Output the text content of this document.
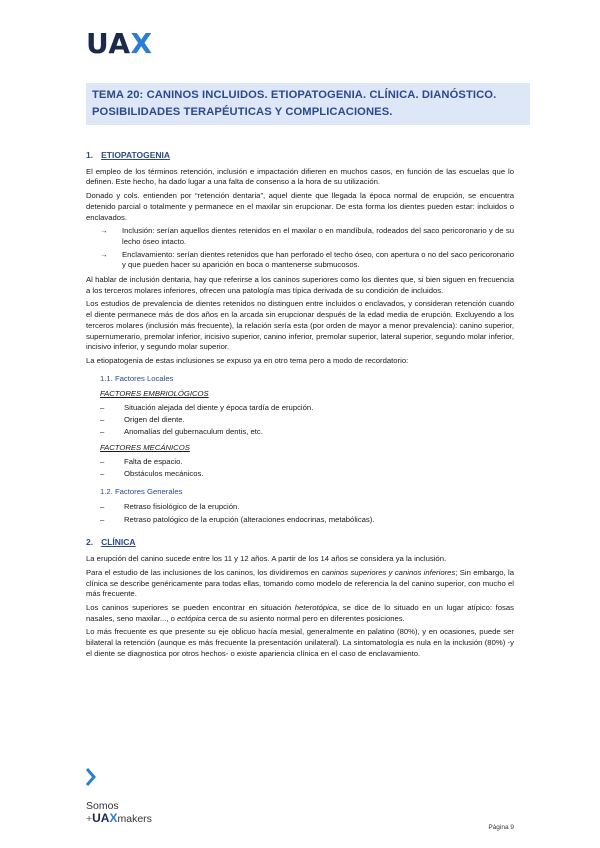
UAX
TEMA 20: CANINOS INCLUIDOS. ETIOPATOGENIA. CLÍNICA. DIANÓSTICO. POSIBILIDADES TERAPÉUTICAS Y COMPLICACIONES.
1. ETIOPATOGENIA

El empleo de los términos retención, inclusión e impactación difieren en muchos casos, en función de las escuelas que lo definen. Este hecho, ha dado lugar a una falta de consenso a la hora de su utilización.

Donado y cols. entienden por “retención dentaria”, aquel diente que llegada la época normal de erupción, se encuentra detenido parcial o totalmente y permanece en el maxilar sin erupcionar. De esta forma los dientes pueden estar: incluidos o enclavados.

→ Inclusión: serían aquellos dientes retenidos en el maxilar o en mandíbula, rodeados del saco pericoronario y de su lecho óseo intacto.
→ Enclavamiento: serían dientes retenidos que han perforado el techo óseo, con apertura o no del saco pericoronario y que pueden hacer su aparición en boca o mantenerse submucosos.

Al hablar de inclusión dentaria, hay que referirse a los caninos superiores como los dientes que, si bien siguen en frecuencia a los terceros molares inferiores, ofrecen una patología mas típica derivada de su condición de incluidos.

Los estudios de prevalencia de dientes retenidos no distinguen entre incluidos o enclavados, y consideran retención cuando el diente permanece más de dos años en la arcada sin erupcionar después de la edad media de erupción. Excluyendo a los terceros molares (inclusión más frecuente), la relación sería esta (por orden de mayor a menor prevalencia): canino superior, supernumerario, premolar inferior, incisivo superior, canino inferior, premolar superior, lateral superior, segundo molar inferior, incisivo inferior, y segundo molar superior.

La etiopatogenia de estas inclusiones se expuso ya en otro tema pero a modo de recordatorio:

1.1. Factores Locales
FACTORES EMBRIOLÓGICOS
–	Situación alejada del diente y época tardía de erupción.
–	Origen del diente.
–	Anomalías del gubernaculum dentis, etc.
FACTORES MECÁNICOS
–	Falta de espacio.
–	Obstáculos mecánicos.
1.2. Factores Generales
–	Retraso fisiológico de la erupción.
–	Retraso patológico de la erupción (alteraciones endocrinas, metabólicas).
2. CLÍNICA

La erupción del canino sucede entre los 11 y 12 años. A partir de los 14 años se considera ya la inclusión.

Para el estudio de las inclusiones de los caninos, los dividiremos en caninos superiores y caninos inferiores; Sin embargo, la clínica se describe genéricamente para todas ellas, tomando como modelo de referencia la del canino superior, con mucho el más frecuente.

Los caninos superiores se pueden encontrar en situación heterotópica, se dice de lo situado en un lugar atípico: fosas nasales, seno maxilar..., o ectópica cerca de su asiento normal pero en diferentes posiciones.

Lo más frecuente es que presente su eje oblicuo hacía mesial, generalmente en palatino (80%), y en ocasiones, puede ser bilateral la retención (aunque es más frecuente la presentación unilateral). La sintomatología es nula en la inclusión (80%) -y el diente se diagnostica por otros hechos- o existe apariencia clínica en el caso de enclavamiento.

Somos
+UAXmakers
Página 9
